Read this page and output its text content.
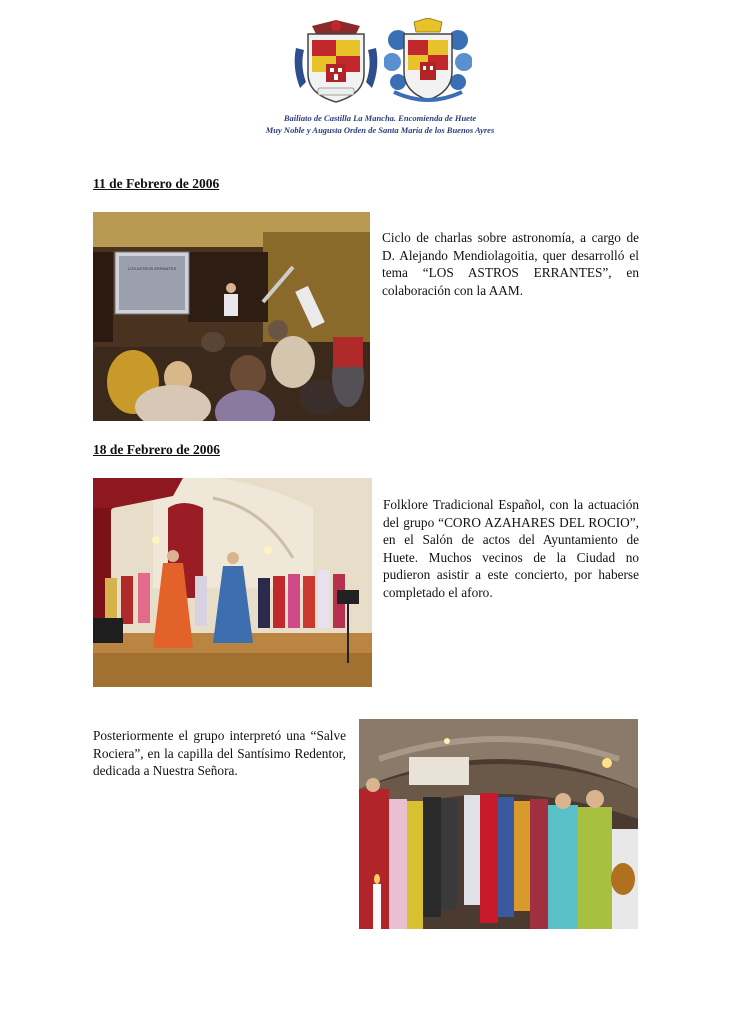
Bailiato de Castilla La Mancha. Encomienda de Huete
Muy Noble y Augusta Orden de Santa María de los Buenos Ayres
11 de Febrero de 2006
LOS ASTROS ERRANTES
Ciclo de charlas sobre astronomía, a cargo de D. Alejando Mendiolagoitia, quer desarrolló el tema “LOS ASTROS ERRANTES”, en colaboración con la AAM.
18 de Febrero de 2006
Folklore Tradicional Español, con la actuación del grupo “CORO AZAHARES DEL ROCIO”, en el Salón de actos del Ayuntamiento de Huete. Muchos vecinos de la Ciudad no pudieron asistir a este concierto, por haberse completado el aforo.
Posteriormente el grupo interpretó una “Salve Rociera”, en la capilla del Santísimo Redentor, dedicada a Nuestra Señora.
